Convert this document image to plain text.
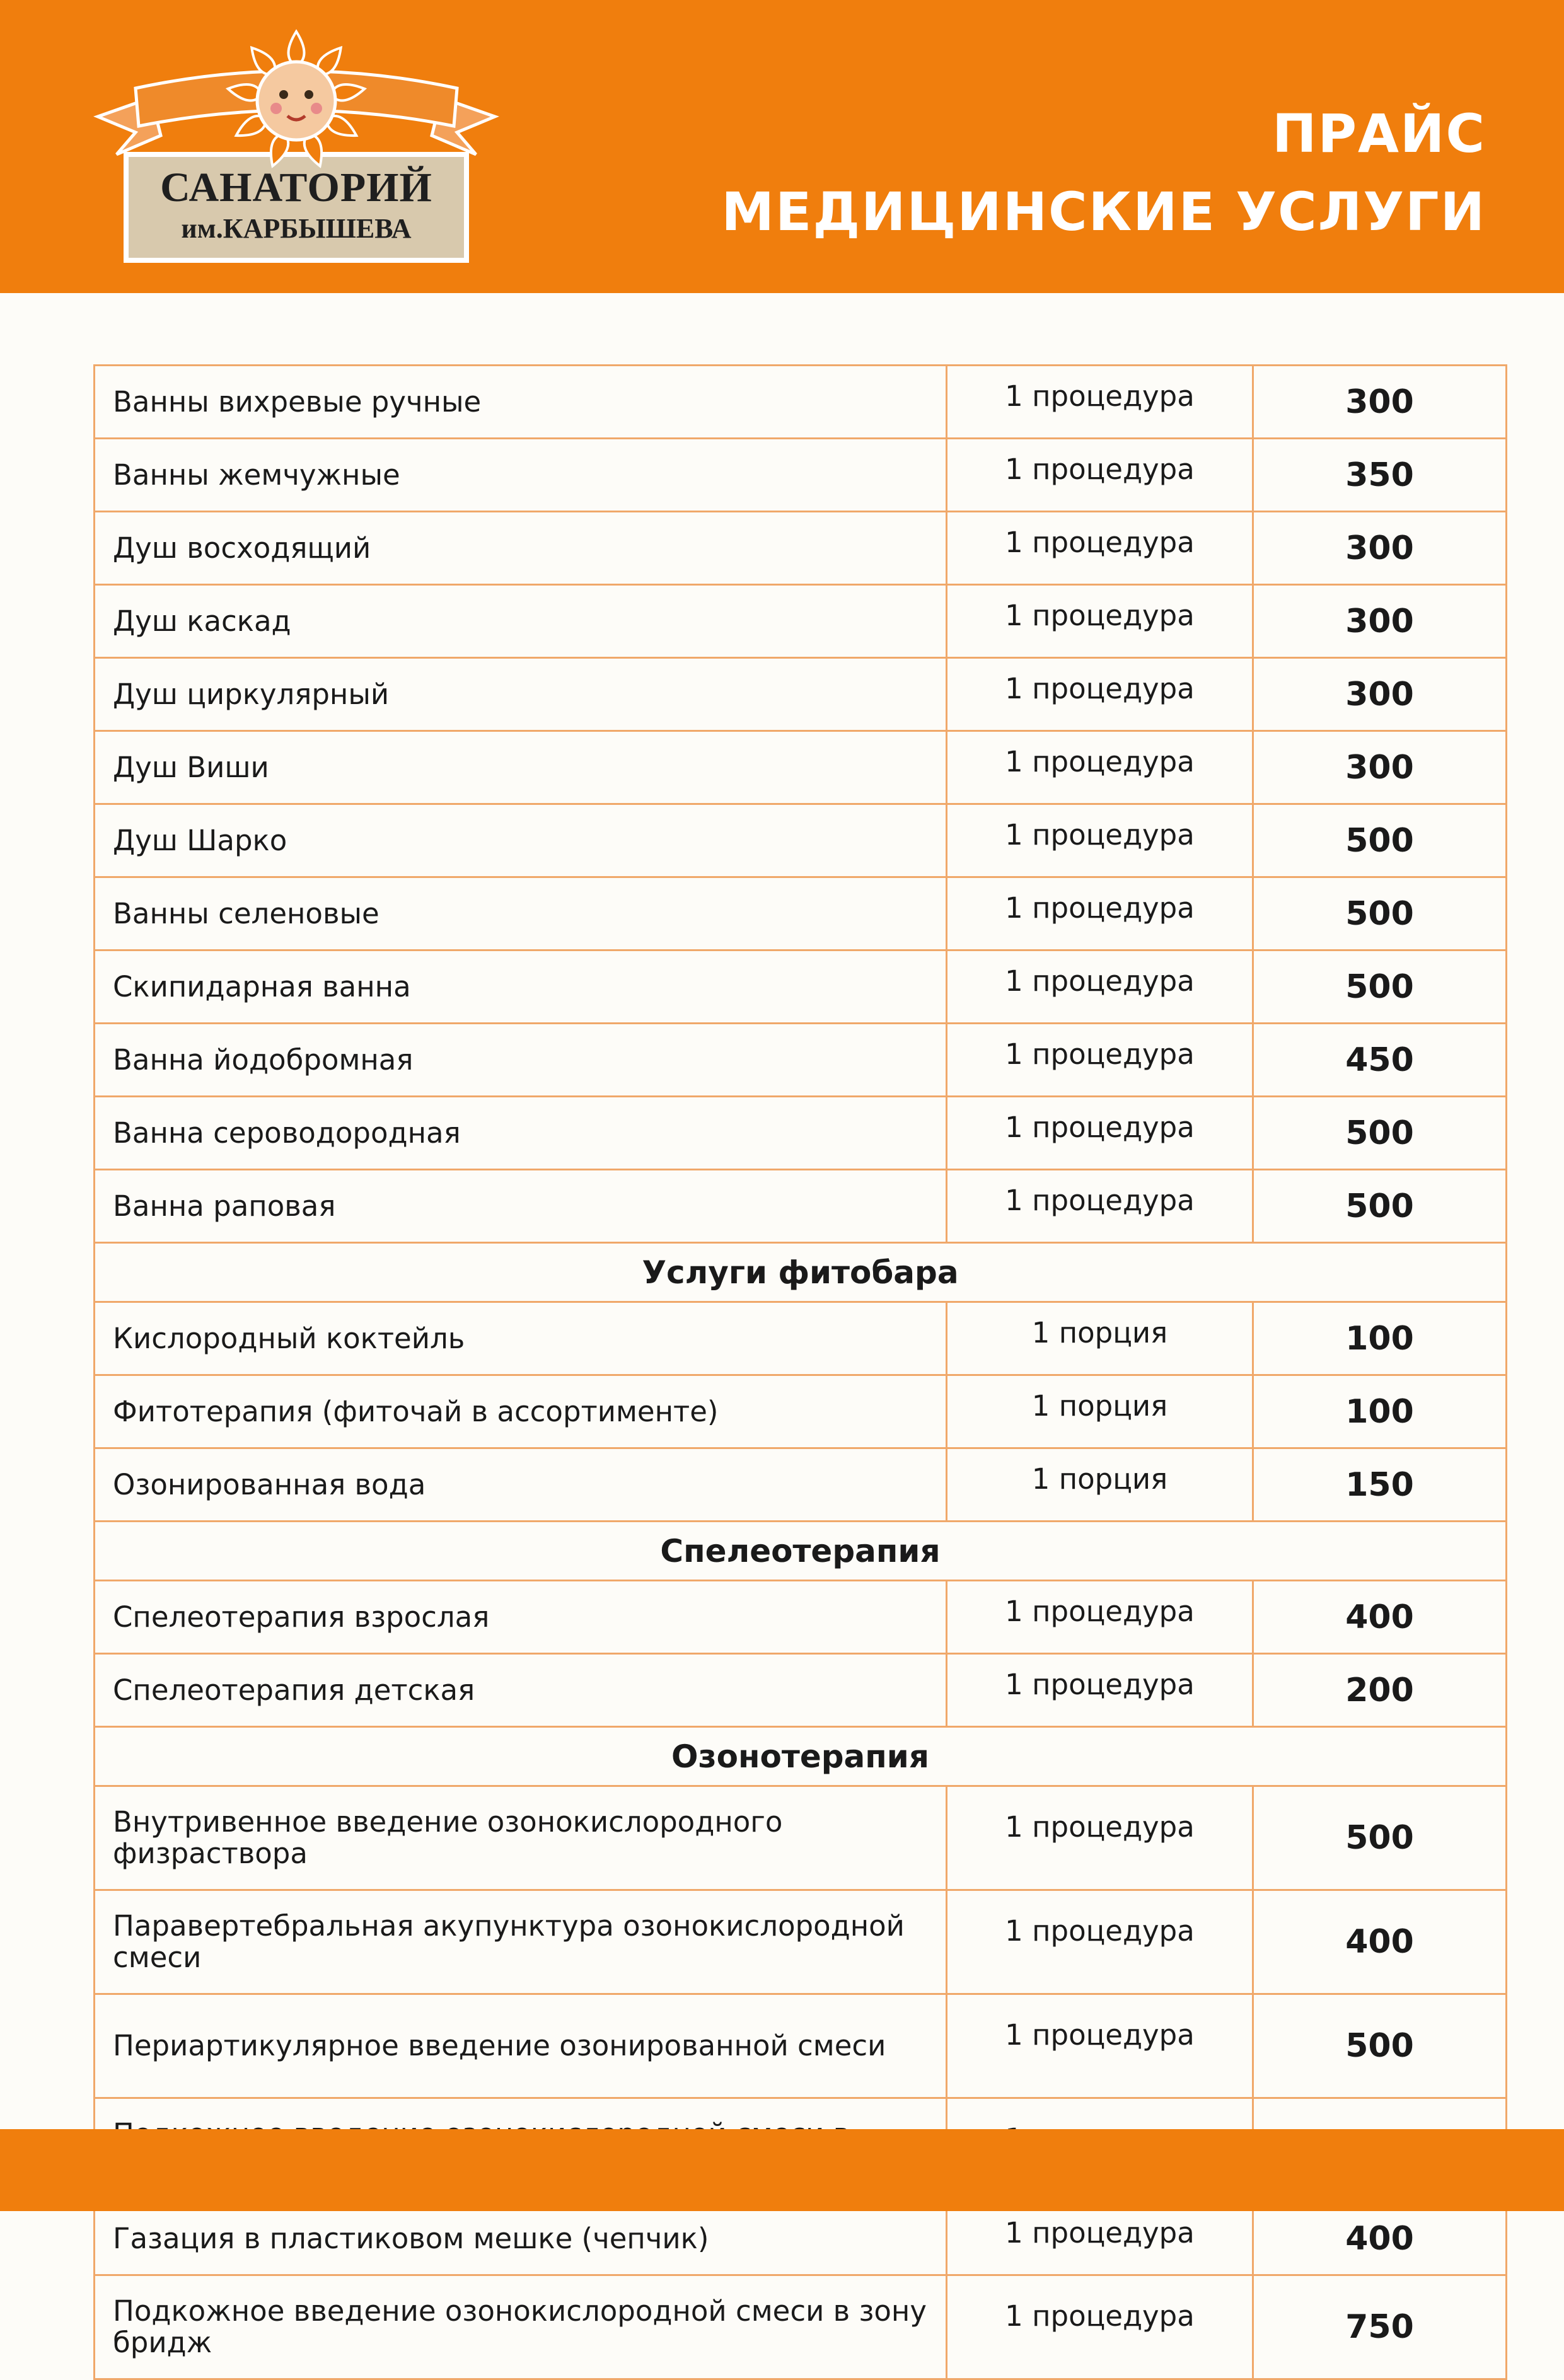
САНАТОРИЙ
им.КАРБЫШЕВА
ПРАЙС
МЕДИЦИНСКИЕ УСЛУГИ
Ванны вихревые ручные	1 процедура	300
Ванны жемчужные	1 процедура	350
Душ восходящий	1 процедура	300
Душ каскад	1 процедура	300
Душ циркулярный	1 процедура	300
Душ Виши	1 процедура	300
Душ Шарко	1 процедура	500
Ванны селеновые	1 процедура	500
Скипидарная ванна	1 процедура	500
Ванна йодобромная	1 процедура	450
Ванна сероводородная	1 процедура	500
Ванна раповая	1 процедура	500
Услуги фитобара		
Кислородный коктейль	1 порция	100
Фитотерапия (фиточай в ассортименте)	1 порция	100
Озонированная вода	1 порция	150
Спелеотерапия		
Спелеотерапия взрослая	1 процедура	400
Спелеотерапия детская	1 процедура	200
Озонотерапия		
Внутривенное введение озонокислородного физраствора	1 процедура	500
Паравертебральная акупунктура озонокислородной смеси	1 процедура	400
Периартикулярное введение озонированной смеси	1 процедура	500

Газация в пластиковом мешке (чепчик)	1 процедура	400
Подкожное введение озонокислородной смеси в зону бридж	1 процедура	750
